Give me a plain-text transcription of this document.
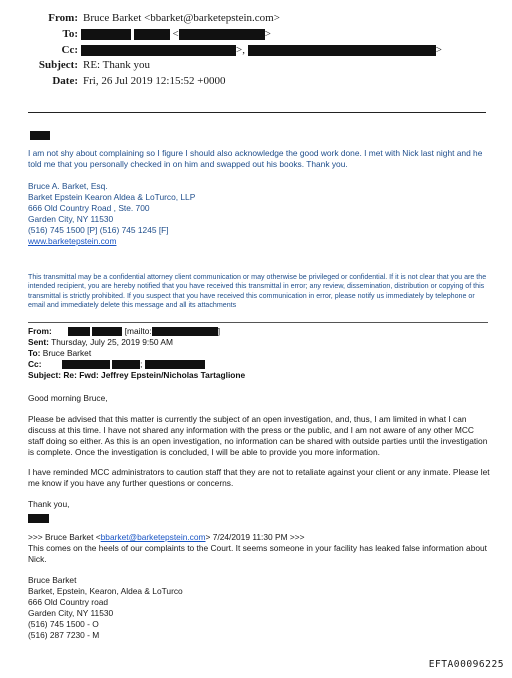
From: Bruce Barket <bbarket@barketepstein.com>
To:	<	>
Cc:	>,	>
Subject: RE: Thank you
Date: Fri, 26 Jul 2019 12:15:52 +0000
I am not shy about complaining so I figure I should also acknowledge the good work done. I met with Nick last night and he told me that you personally checked in on him and swapped out his books. Thank you.
Bruce A. Barket, Esq.
Barket Epstein Kearon Aldea & LoTurco, LLP
666 Old Country Road , Ste. 700
Garden City, NY 11530
(516) 745 1500 [P] (516) 745 1245 [F]
www.barketepstein.com
This transmittal may be a confidential attorney client communication or may otherwise be privileged or confidential. If it is not clear that you are the intended recipient, you are hereby notified that you have received this transmittal in error; any review, dissemination, distribution or copying of this transmittal is strictly prohibited. If you suspect that you have received this communication in error, please notify us immediately by telephone or email and immediately delete this message and all its attachments
From:	[mailto:	]
Sent: Thursday, July 25, 2019 9:50 AM
To: Bruce Barket
Cc:	;
Subject: Re: Fwd: Jeffrey Epstein/Nicholas Tartaglione
Good morning Bruce,
Please be advised that this matter is currently the subject of an open investigation, and, thus, I am limited in what I can discuss at this time. I have not shared any information with the press or the public, and I am not aware of any other MCC staff doing so either. As this is an open investigation, no information can be shared with outside parties until the investigation is complete. Once the investigation is concluded, I will be able to provide you more information.
I have reminded MCC administrators to caution staff that they are not to retaliate against your client or any inmate. Please let me know if you have any further questions or concerns.
Thank you,
>>> Bruce Barket <bbarket@barketepstein.com> 7/24/2019 11:30 PM >>>
This comes on the heels of our complaints to the Court. It seems someone in your facility has leaked false information about Nick.
Bruce Barket
Barket, Epstein, Kearon, Aldea & LoTurco
666 Old Country road
Garden City, NY 11530
(516) 745 1500 - O
(516) 287 7230 - M
EFTA00096225
